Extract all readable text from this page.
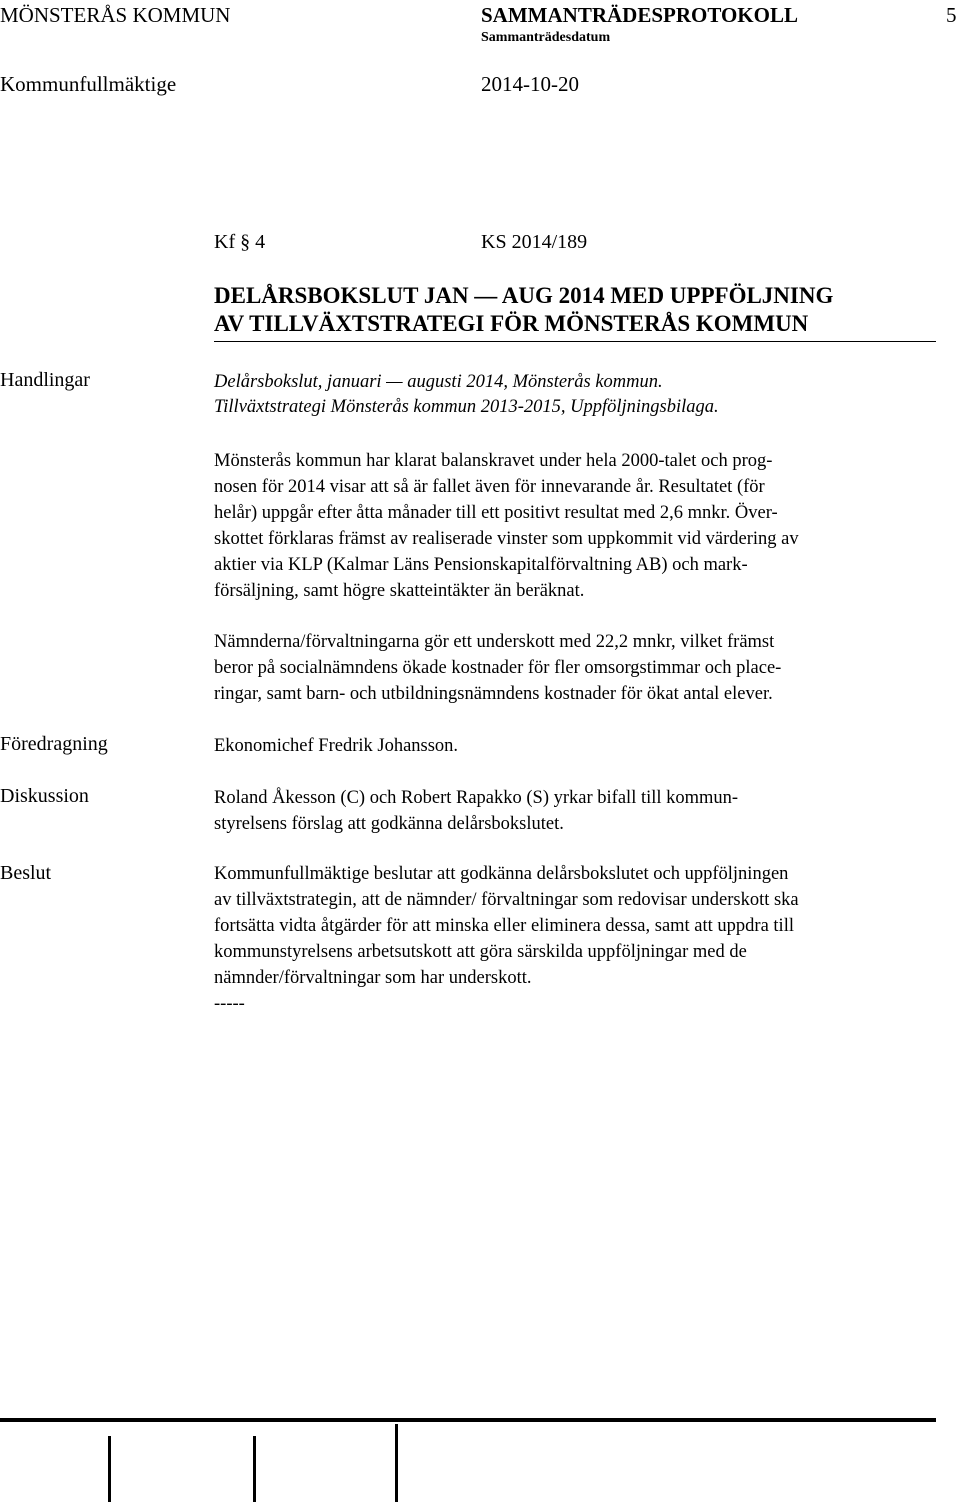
MÖNSTERÅS KOMMUN	SAMMANTRÄDESPROTOKOLL	5
Sammanträdesdatum
Kommunfullmäktige	2014-10-20
Kf § 4	KS 2014/189
DELÅRSBOKSLUT JAN — AUG 2014 MED UPPFÖLJNING
AV TILLVÄXTSTRATEGI FÖR MÖNSTERÅS KOMMUN
Handlingar	Delårsbokslut, januari — augusti 2014, Mönsterås kommun.
Tillväxtstrategi Mönsterås kommun 2013-2015, Uppföljningsbilaga.
Mönsterås kommun har klarat balanskravet under hela 2000-talet och prog-
nosen för 2014 visar att så är fallet även för innevarande år. Resultatet (för
helår) uppgår efter åtta månader till ett positivt resultat med 2,6 mnkr. Över-
skottet förklaras främst av realiserade vinster som uppkommit vid värdering av
aktier via KLP (Kalmar Läns Pensionskapitalförvaltning AB) och mark-
försäljning, samt högre skatteintäkter än beräknat.
Nämnderna/förvaltningarna gör ett underskott med 22,2 mnkr, vilket främst
beror på socialnämndens ökade kostnader för fler omsorgstimmar och place-
ringar, samt barn- och utbildningsnämndens kostnader för ökat antal elever.
Föredragning	Ekonomichef Fredrik Johansson.
Diskussion	Roland Åkesson (C) och Robert Rapakko (S) yrkar bifall till kommun-
styrelsens förslag att godkänna delårsbokslutet.
Beslut	Kommunfullmäktige beslutar att godkänna delårsbokslutet och uppföljningen
av tillväxtstrategin, att de nämnder/ förvaltningar som redovisar underskott ska
fortsätta vidta åtgärder för att minska eller eliminera dessa, samt att uppdra till
kommunstyrelsens arbetsutskott att göra särskilda uppföljningar med de
nämnder/förvaltningar som har underskott.
-----
